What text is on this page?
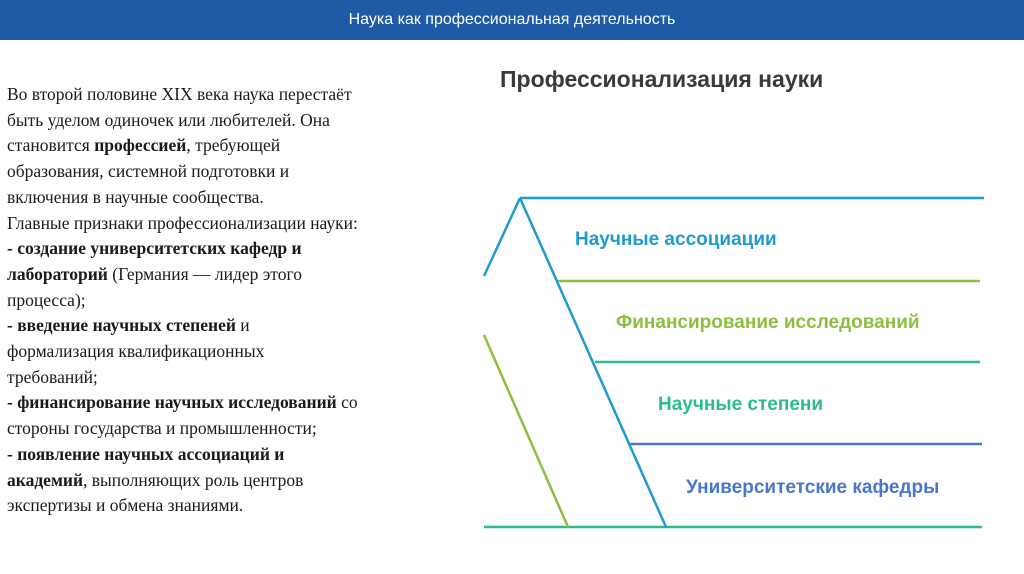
Наука как профессиональная деятельность

Во второй половине XIX века наука перестаёт

быть уделом одиночек или любителей. Она

становится профессией, требующей

образования, системной подготовки и

включения в научные сообщества.

Главные признаки профессионализации науки:

- создание университетских кафедр и

лабораторий (Германия — лидер этого

процесса);

- введение научных степеней и

формализация квалификационных

требований;

- финансирование научных исследований со

стороны государства и промышленности;

- появление научных ассоциаций и

академий, выполняющих роль центров

экспертизы и обмена знаниями.

Профессионализация науки
Научные ассоциации
Финансирование исследований
Научные степени
Университетские кафедры
